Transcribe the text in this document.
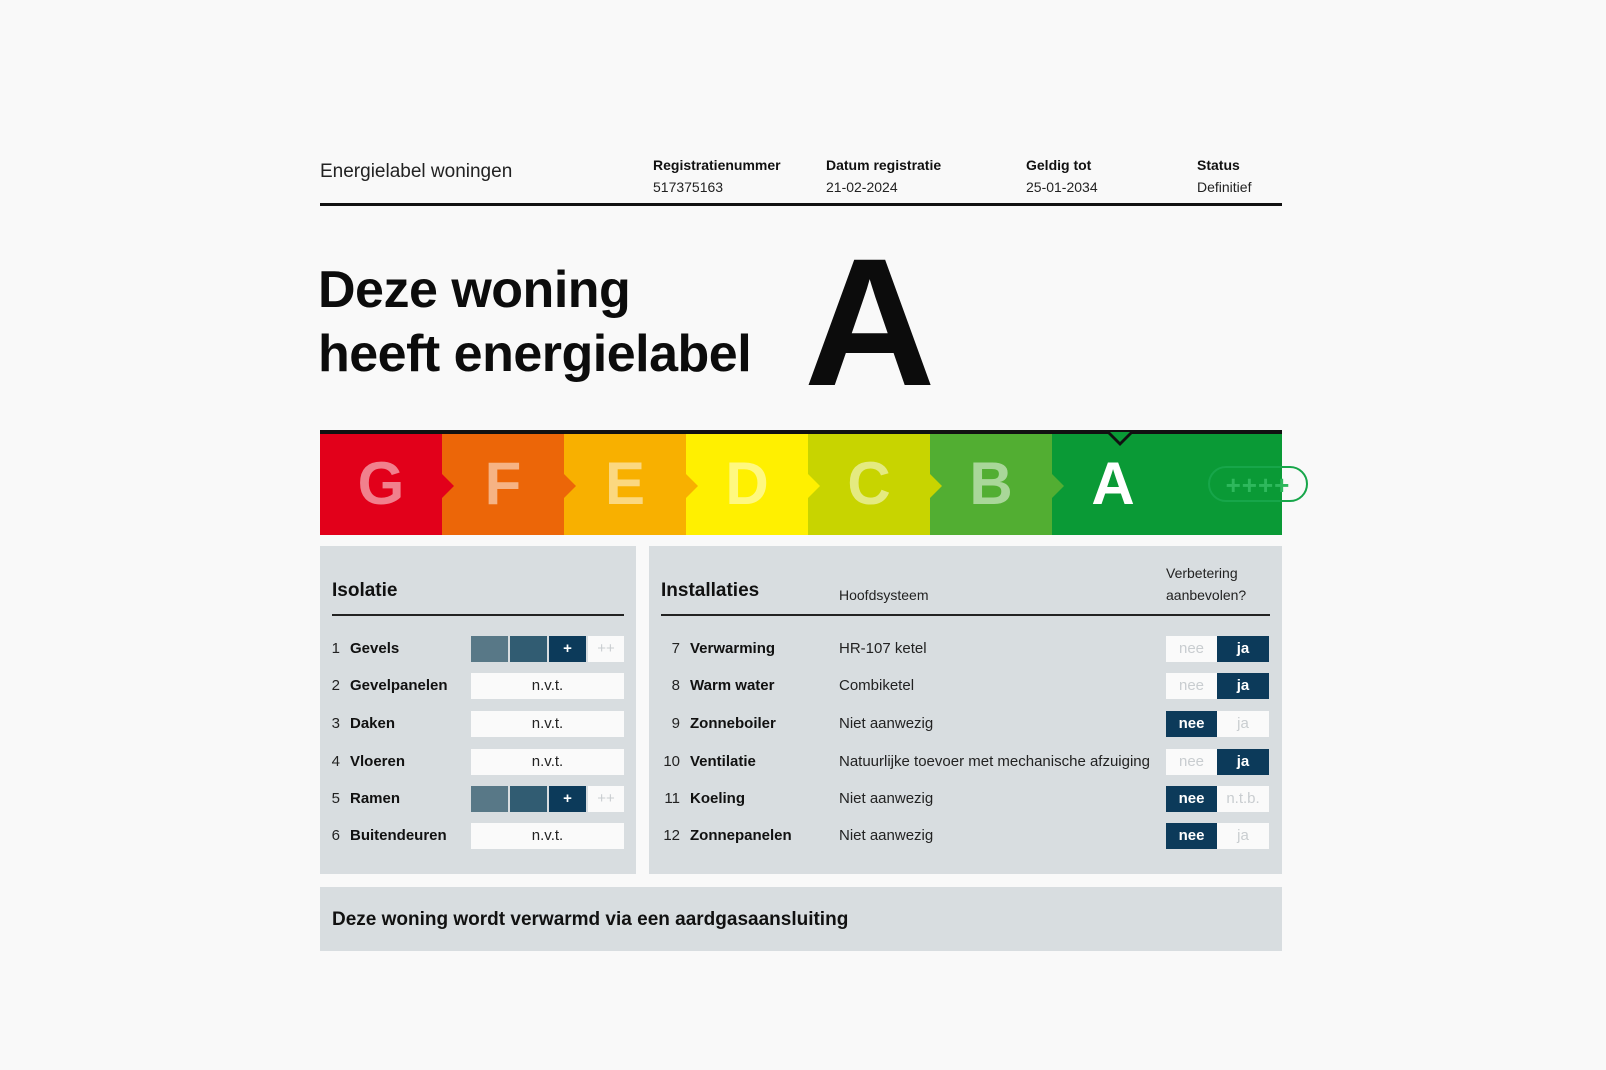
Energielabel woningen	Registratienummer
517375163
Datum registratie
21-02-2024
Geldig tot
25-01-2034
Status
Definitief
Deze woning
heeft energielabel A
G	F	E	D	C	B	A	++++
Isolatie
1 Gevels	+	++
2 Gevelpanelen	n.v.t.
3 Daken	n.v.t.
4 Vloeren	n.v.t.
5 Ramen	+	++
6 Buitendeuren	n.v.t.
Installaties	Hoofdsysteem
Verbetering
aanbevolen?
7 Verwarming	HR-107 ketel	nee	ja
8 Warm water	Combiketel	nee	ja
9 Zonneboiler	Niet aanwezig	nee	ja
10 Ventilatie	Natuurlijke toevoer met mechanische afzuiging	nee	ja
11 Koeling	Niet aanwezig	nee	n.t.b.
12 Zonnepanelen	Niet aanwezig	nee	ja
Deze woning wordt verwarmd via een aardgasaansluiting
